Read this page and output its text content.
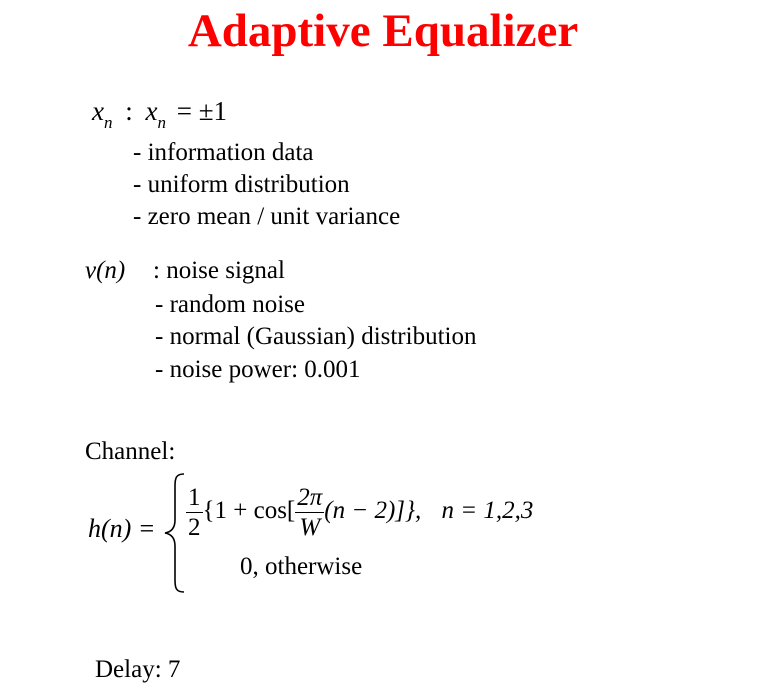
Adaptive Equalizer
$x_n$ : $x_n = \pm 1$
- information data
- uniform distribution
- zero mean / unit variance
v(n) : noise signal
- random noise
- normal (Gaussian) distribution
- noise power: 0.001
Channel:
$h(n) = \frac{1}{2} \{1 + \cos[ \frac{2\pi}{W} (n - 2)]\}$, n = 1,2,3
0, otherwise
Delay: 7
